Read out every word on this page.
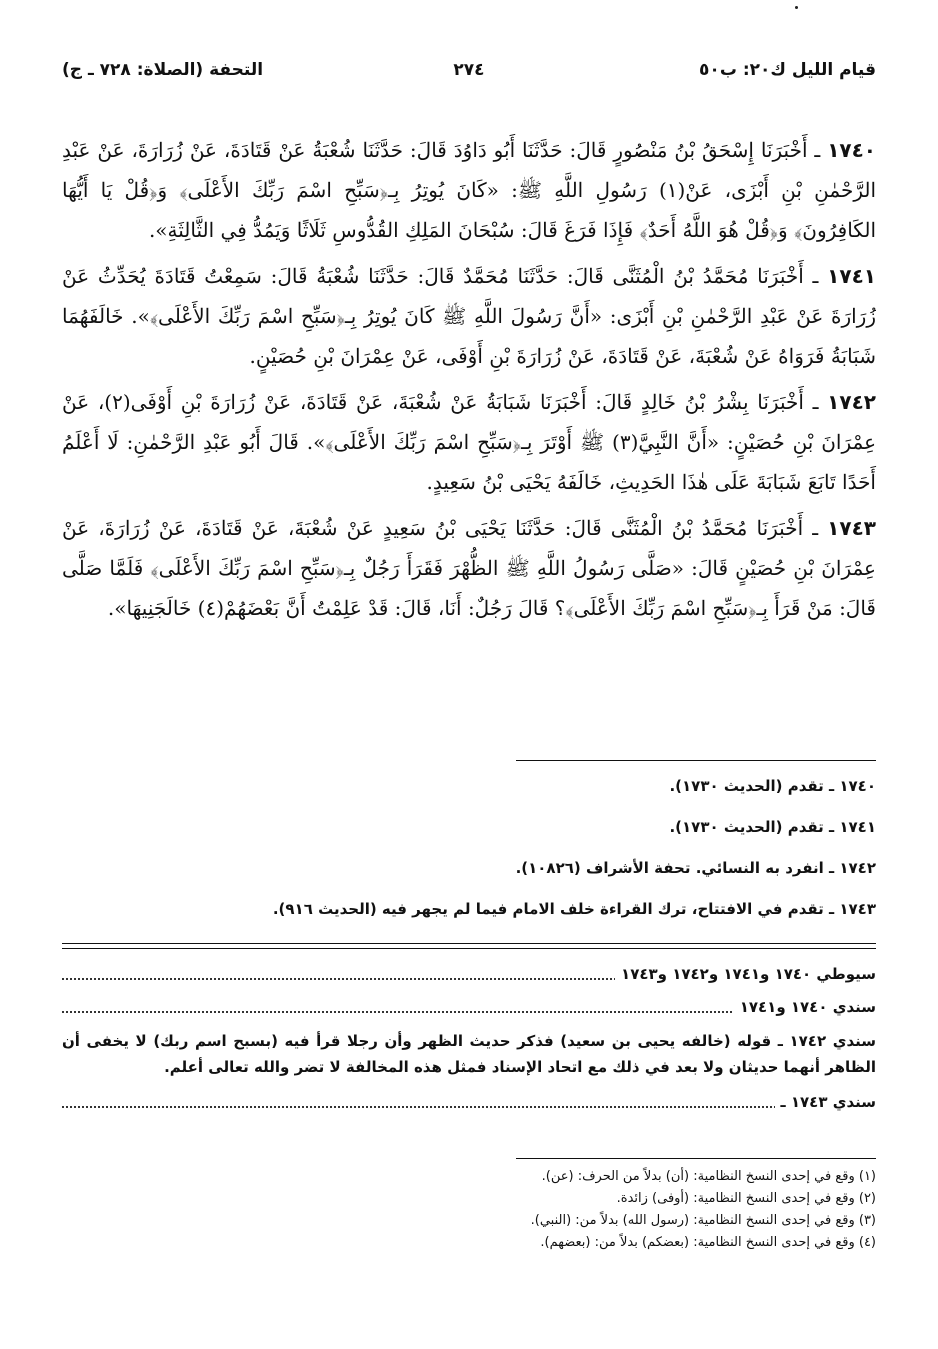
قيام الليل ك٢٠: ب٥٠
٢٧٤
التحفة (الصلاة: ٧٢٨ ـ ج)

١٧٤٠ ـ أَخْبَرَنَا إِسْحَقُ بْنُ مَنْصُورٍ قَالَ: حَدَّثَنَا أَبُو دَاوُدَ قَالَ: حَدَّثَنَا شُعْبَةُ عَنْ قَتَادَةَ، عَنْ زُرَارَةَ، عَنْ عَبْدِ الرَّحْمٰنِ بْنِ أَبْزَى، عَنْ(١) رَسُولِ اللَّهِ ﷺ: «كَانَ يُوتِرُ بِـ﴿سَبِّحِ اسْمَ رَبِّكَ الأَعْلَى﴾ وَ﴿قُلْ يَا أَيُّهَا الكَافِرُونَ﴾ وَ﴿قُلْ هُوَ اللَّهُ أَحَدٌ﴾ فَإِذَا فَرَغَ قَالَ: سُبْحَانَ المَلِكِ القُدُّوسِ ثَلَاثًا وَيَمُدُّ فِي الثَّالِثَةِ».

١٧٤١ ـ أَخْبَرَنَا مُحَمَّدُ بْنُ الْمُثَنَّى قَالَ: حَدَّثَنَا مُحَمَّدٌ قَالَ: حَدَّثَنَا شُعْبَةُ قَالَ: سَمِعْتُ قَتَادَةَ يُحَدِّثُ عَنْ زُرَارَةَ عَنْ عَبْدِ الرَّحْمٰنِ بْنِ أَبْزَى: «أَنَّ رَسُولَ اللَّهِ ﷺ كَانَ يُوتِرُ بِـ﴿سَبِّحِ اسْمَ رَبِّكَ الأَعْلَى﴾». خَالَفَهُمَا شَبَابَةُ فَرَوَاهُ عَنْ شُعْبَةَ، عَنْ قَتَادَةَ، عَنْ زُرَارَةَ بْنِ أَوْفَى، عَنْ عِمْرَانَ بْنِ حُصَيْنٍ.

١٧٤٢ ـ أَخْبَرَنَا بِشْرُ بْنُ خَالِدٍ قَالَ: أَخْبَرَنَا شَبَابَةُ عَنْ شُعْبَةَ، عَنْ قَتَادَةَ، عَنْ زُرَارَةَ بْنِ أَوْفَى(٢)، عَنْ عِمْرَانَ بْنِ حُصَيْنٍ: «أَنَّ النَّبِيَّ(٣) ﷺ أَوْتَرَ بِـ﴿سَبِّحِ اسْمَ رَبِّكَ الأَعْلَى﴾». قَالَ أَبُو عَبْدِ الرَّحْمٰنِ: لَا أَعْلَمُ أَحَدًا تَابَعَ شَبَابَةَ عَلَى هٰذَا الحَدِيثِ، خَالَفَهُ يَحْيَى بْنُ سَعِيدٍ.

١٧٤٣ ـ أَخْبَرَنَا مُحَمَّدُ بْنُ الْمُثَنَّى قَالَ: حَدَّثَنَا يَحْيَى بْنُ سَعِيدٍ عَنْ شُعْبَةَ، عَنْ قَتَادَةَ، عَنْ زُرَارَةَ، عَنْ عِمْرَانَ بْنِ حُصَيْنٍ قَالَ: «صَلَّى رَسُولُ اللَّهِ ﷺ الظُّهْرَ فَقَرَأَ رَجُلٌ بِـ﴿سَبِّحِ اسْمَ رَبِّكَ الأَعْلَى﴾ فَلَمَّا صَلَّى قَالَ: مَنْ قَرَأَ بِـ﴿سَبِّحِ اسْمَ رَبِّكَ الأَعْلَى﴾؟ قَالَ رَجُلٌ: أَنَا، قَالَ: قَدْ عَلِمْتُ أَنَّ بَعْضَهُمْ(٤) خَالَجَنِيهَا».

١٧٤٠ ـ تقدم (الحديث ١٧٣٠).
١٧٤١ ـ تقدم (الحديث ١٧٣٠).
١٧٤٢ ـ انفرد به النسائي. تحفة الأشراف (١٠٨٢٦).
١٧٤٣ ـ تقدم في الافتتاح، ترك القراءة خلف الامام فيما لم يجهر فيه (الحديث ٩١٦).
سيوطي ١٧٤٠ و١٧٤١ و١٧٤٢ و١٧٤٣
سندي ١٧٤٠ و١٧٤١
سندي ١٧٤٢ ـ قوله (خالفه يحيى بن سعيد) فذكر حديث الظهر وأن رجلا قرأ فيه (بسبح اسم ربك) لا يخفى أن الظاهر أنهما حديثان ولا بعد في ذلك مع اتحاد الإسناد فمثل هذه المخالفة لا تضر والله تعالى أعلم.
سندي ١٧٤٣ ـ
(١) وقع في إحدى النسخ النظامية: (أن) بدلاً من الحرف: (عن).
(٢) وقع في إحدى النسخ النظامية: (أوفى) زائدة.
(٣) وقع في إحدى النسخ النظامية: (رسول الله) بدلاً من: (النبي).
(٤) وقع في إحدى النسخ النظامية: (بعضكم) بدلاً من: (بعضهم).
